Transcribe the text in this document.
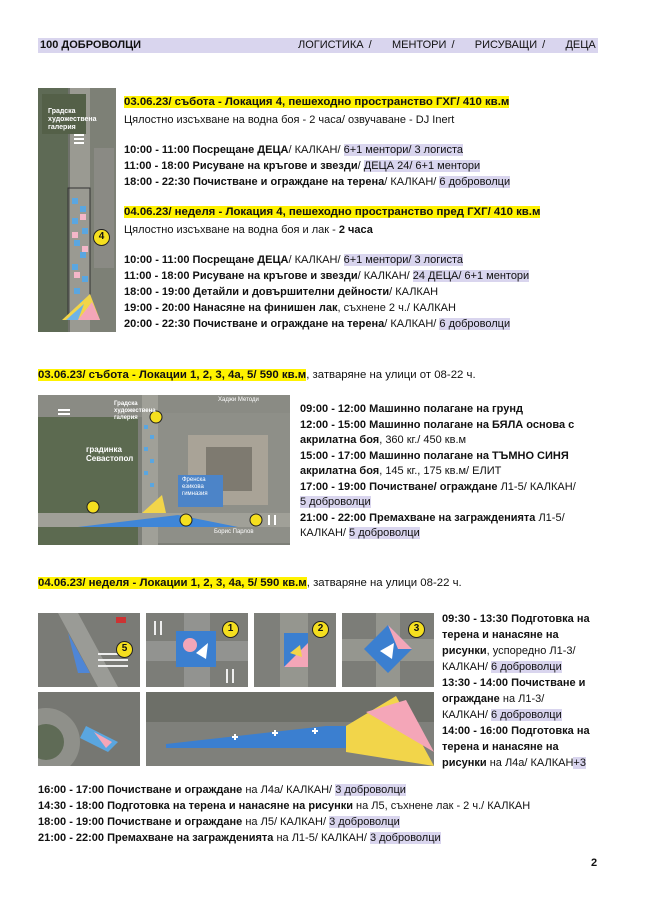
100 ДОБРОВОЛЦИ	ЛОГИСТИКА / МЕНТОРИ / РИСУВАЩИ / ДЕЦА
Градска художествена галерия
4
03.06.23/ събота - Локация 4, пешеходно пространство ГХГ/ 410 кв.м
Цялостно изсъхване на водна боя - 2 часа/ озвучаване - DJ Inert
10:00 - 11:00 Посрещане ДЕЦА/ КАЛКАН/ 6+1 ментори/ 3 логиста
11:00 - 18:00 Рисуване на кръгове и звезди/ ДЕЦА 24/ 6+1 ментори
18:00 - 22:30 Почистване и ограждане на терена/ КАЛКАН/ 6 доброволци
04.06.23/ неделя - Локация 4, пешеходно пространство пред ГХГ/ 410 кв.м
Цялостно изсъхване на водна боя и лак - 2 часа
10:00 - 11:00 Посрещане ДЕЦА/ КАЛКАН/ 6+1 ментори/ 3 логиста
11:00 - 18:00 Рисуване на кръгове и звезди/ КАЛКАН/ 24 ДЕЦА/ 6+1 ментори
18:00 - 19:00 Детайли и довършителни дейности/ КАЛКАН
19:00 - 20:00 Нанасяне на финишен лак, съхнене 2 ч./ КАЛКАН
20:00 - 22:30 Почистване и ограждане на терена/ КАЛКАН/ 6 доброволци
03.06.23/ събота - Локации 1, 2, 3, 4а, 5/ 590 кв.м, затваряне на улици от 08-22 ч.
Градска художествена галерия
Хаджи Методи
градинка Севастопол
Френска езикова гимназия
Борис Парлов
09:00 - 12:00 Машинно полагане на грунд
12:00 - 15:00 Машинно полагане на БЯЛА основа с
акрилатна боя, 360 кг./ 450 кв.м
15:00 - 17:00 Машинно полагане на ТЪМНО СИНЯ
акрилатна боя, 145 кг., 175 кв.м/ ЕЛИТ
17:00 - 19:00 Почистване/ ограждане Л1-5/ КАЛКАН/
5 доброволци
21:00 - 22:00 Премахване на загражденията Л1-5/
КАЛКАН/ 5 доброволци
04.06.23/ неделя - Локации 1, 2, 3, 4а, 5/ 590 кв.м, затваряне на улици 08-22 ч.
5
1	2	3
09:30 - 13:30 Подготовка на
терена и нанасяне на
рисунки, успоредно Л1-3/
КАЛКАН/ 6 доброволци
13:30 - 14:00 Почистване и
ограждане на Л1-3/
КАЛКАН/ 6 доброволци
14:00 - 16:00 Подготовка на
терена и нанасяне на
рисунки на Л4а/ КАЛКАН+3
16:00 - 17:00 Почистване и ограждане на Л4а/ КАЛКАН/ 3 доброволци
14:30 - 18:00 Подготовка на терена и нанасяне на рисунки на Л5, съхнене лак - 2 ч./ КАЛКАН
18:00 - 19:00 Почистване и ограждане на Л5/ КАЛКАН/ 3 доброволци
21:00 - 22:00 Премахване на загражденията на Л1-5/ КАЛКАН/ 3 доброволци
2
